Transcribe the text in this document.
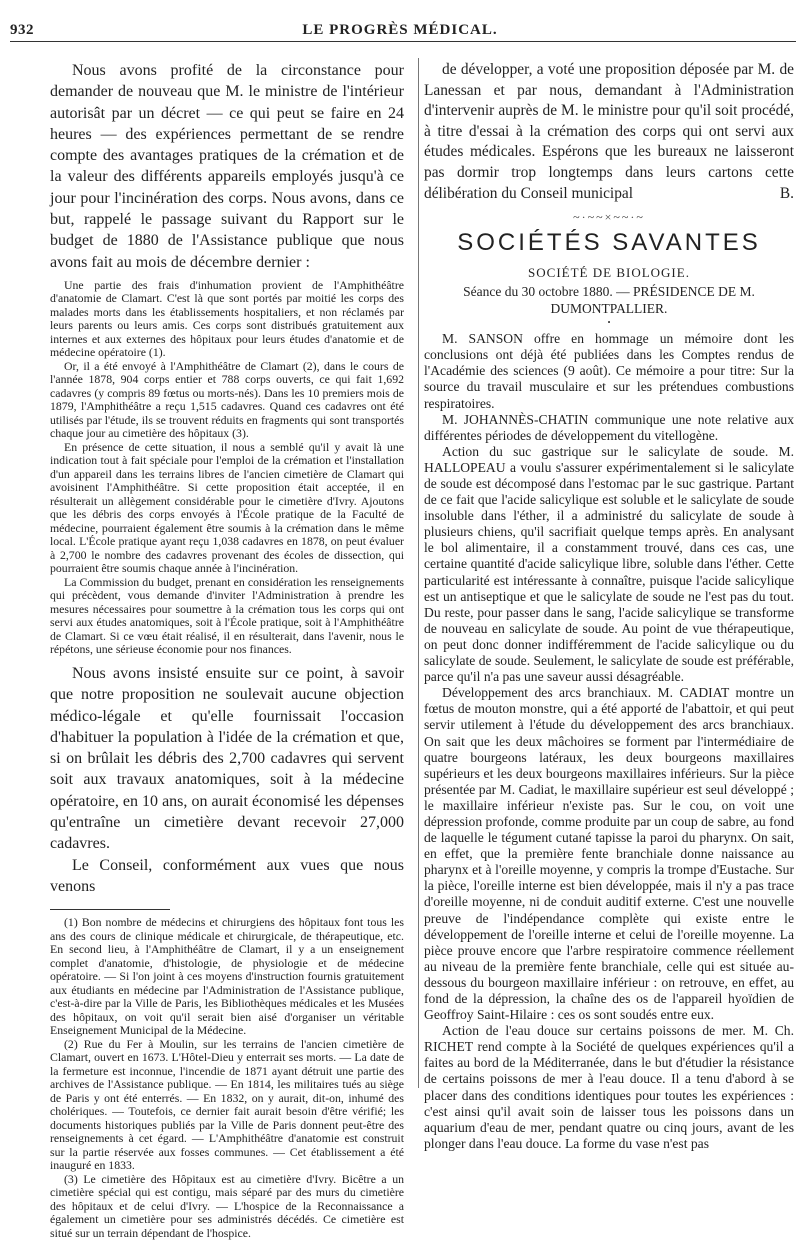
932	LE PROGRÈS MÉDICAL.

Nous avons profité de la circonstance pour demander de nouveau que M. le ministre de l'intérieur autorisât par un décret — ce qui peut se faire en 24 heures — des expériences permettant de se rendre compte des avantages pratiques de la crémation et de la valeur des différents appareils employés jusqu'à ce jour pour l'incinération des corps. Nous avons, dans ce but, rappelé le passage suivant du Rapport sur le budget de 1880 de l'Assistance publique que nous avons fait au mois de décembre dernier :

Une partie des frais d'inhumation provient de l'Amphithéâtre d'anatomie de Clamart. C'est là que sont portés par moitié les corps des malades morts dans les établissements hospitaliers, et non réclamés par leurs parents ou leurs amis. Ces corps sont distribués gratuitement aux internes et aux externes des hôpitaux pour leurs études d'anatomie et de médecine opératoire (1).

Or, il a été envoyé à l'Amphithéâtre de Clamart (2), dans le cours de l'année 1878, 904 corps entier et 788 corps ouverts, ce qui fait 1,692 cadavres (y compris 89 fœtus ou morts-nés). Dans les 10 premiers mois de 1879, l'Amphithéâtre a reçu 1,515 cadavres. Quand ces cadavres ont été utilisés par l'étude, ils se trouvent réduits en fragments qui sont transportés chaque jour au cimetière des hôpitaux (3).

En présence de cette situation, il nous a semblé qu'il y avait là une indication tout à fait spéciale pour l'emploi de la crémation et l'installation d'un appareil dans les terrains libres de l'ancien cimetière de Clamart qui avoisinent l'Amphithéâtre. Si cette proposition était acceptée, il en résulterait un allègement considérable pour le cimetière d'Ivry. Ajoutons que les débris des corps envoyés à l'École pratique de la Faculté de médecine, pourraient également être soumis à la crémation dans le même local. L'École pratique ayant reçu 1,038 cadavres en 1878, on peut évaluer à 2,700 le nombre des cadavres provenant des écoles de dissection, qui pourraient être soumis chaque année à l'incinération.

La Commission du budget, prenant en considération les renseignements qui précèdent, vous demande d'inviter l'Administration à prendre les mesures nécessaires pour soumettre à la crémation tous les corps qui ont servi aux études anatomiques, soit à l'École pratique, soit à l'Amphithéâtre de Clamart. Si ce vœu était réalisé, il en résulterait, dans l'avenir, nous le répétons, une sérieuse économie pour nos finances.

Nous avons insisté ensuite sur ce point, à savoir que notre proposition ne soulevait aucune objection médico-légale et qu'elle fournissait l'occasion d'habituer la population à l'idée de la crémation et que, si on brûlait les débris des 2,700 cadavres qui servent soit aux travaux anatomiques, soit à la médecine opératoire, en 10 ans, on aurait économisé les dépenses qu'entraîne un cimetière devant recevoir 27,000 cadavres.

Le Conseil, conformément aux vues que nous venons

(1) Bon nombre de médecins et chirurgiens des hôpitaux font tous les ans des cours de clinique médicale et chirurgicale, de thérapeutique, etc. En second lieu, à l'Amphithéâtre de Clamart, il y a un enseignement complet d'anatomie, d'histologie, de physiologie et de médecine opératoire. — Si l'on joint à ces moyens d'instruction fournis gratuitement aux étudiants en médecine par l'Administration de l'Assistance publique, c'est-à-dire par la Ville de Paris, les Bibliothèques médicales et les Musées des hôpitaux, on voit qu'il serait bien aisé d'organiser un véritable Enseignement Municipal de la Médecine.

(2) Rue du Fer à Moulin, sur les terrains de l'ancien cimetière de Clamart, ouvert en 1673. L'Hôtel-Dieu y enterrait ses morts. — La date de la fermeture est inconnue, l'incendie de 1871 ayant détruit une partie des archives de l'Assistance publique. — En 1814, les militaires tués au siège de Paris y ont été enterrés. — En 1832, on y aurait, dit-on, inhumé des cholériques. — Toutefois, ce dernier fait aurait besoin d'être vérifié; les documents historiques publiés par la Ville de Paris donnent peut-être des renseignements à cet égard. — L'Amphithéâtre d'anatomie est construit sur la partie réservée aux fosses communes. — Cet établissement a été inauguré en 1833.

(3) Le cimetière des Hôpitaux est au cimetière d'Ivry. Bicêtre a un cimetière spécial qui est contigu, mais séparé par des murs du cimetière des hôpitaux et de celui d'Ivry. — L'hospice de la Reconnaissance a également un cimetière pour ses administrés décédés. Ce cimetière est situé sur un terrain dépendant de l'hospice.

de développer, a voté une proposition déposée par M. de Lanessan et par nous, demandant à l'Administration d'intervenir auprès de M. le ministre pour qu'il soit procédé, à titre d'essai à la crémation des corps qui ont servi aux études médicales. Espérons que les bureaux ne laisseront pas dormir trop longtemps dans leurs cartons cette délibération du Conseil municipal	B.

~·~~×~~·~
SOCIÉTÉS SAVANTES
SOCIÉTÉ DE BIOLOGIE.
Séance du 30 octobre 1880. — PRÉSIDENCE DE M. DUMONTPALLIER.
•

M. SANSON offre en hommage un mémoire dont les conclusions ont déjà été publiées dans les Comptes rendus de l'Académie des sciences (9 août). Ce mémoire a pour titre: Sur la source du travail musculaire et sur les prétendues combustions respiratoires.

M. JOHANNÈS-CHATIN communique une note relative aux différentes périodes de développement du vitellogène.

Action du suc gastrique sur le salicylate de soude. M. HALLOPEAU a voulu s'assurer expérimentalement si le salicylate de soude est décomposé dans l'estomac par le suc gastrique. Partant de ce fait que l'acide salicylique est soluble et le salicylate de soude insoluble dans l'éther, il a administré du salicylate de soude à plusieurs chiens, qu'il sacrifiait quelque temps après. En analysant le bol alimentaire, il a constamment trouvé, dans ces cas, une certaine quantité d'acide salicylique libre, soluble dans l'éther. Cette particularité est intéressante à connaître, puisque l'acide salicylique est un antiseptique et que le salicylate de soude ne l'est pas du tout. Du reste, pour passer dans le sang, l'acide salicylique se transforme de nouveau en salicylate de soude. Au point de vue thérapeutique, on peut donc donner indifféremment de l'acide salicylique ou du salicylate de soude. Seulement, le salicylate de soude est préférable, parce qu'il n'a pas une saveur aussi désagréable.

Développement des arcs branchiaux. M. CADIAT montre un fœtus de mouton monstre, qui a été apporté de l'abattoir, et qui peut servir utilement à l'étude du développement des arcs branchiaux. On sait que les deux mâchoires se forment par l'intermédiaire de quatre bourgeons latéraux, les deux bourgeons maxillaires supérieurs et les deux bourgeons maxillaires inférieurs. Sur la pièce présentée par M. Cadiat, le maxillaire supérieur est seul développé ; le maxillaire inférieur n'existe pas. Sur le cou, on voit une dépression profonde, comme produite par un coup de sabre, au fond de laquelle le tégument cutané tapisse la paroi du pharynx. On sait, en effet, que la première fente branchiale donne naissance au pharynx et à l'oreille moyenne, y compris la trompe d'Eustache. Sur la pièce, l'oreille interne est bien développée, mais il n'y a pas trace d'oreille moyenne, ni de conduit auditif externe. C'est une nouvelle preuve de l'indépendance complète qui existe entre le développement de l'oreille interne et celui de l'oreille moyenne. La pièce prouve encore que l'arbre respiratoire commence réellement au niveau de la première fente branchiale, celle qui est située au-dessous du bourgeon maxillaire inférieur : on retrouve, en effet, au fond de la dépression, la chaîne des os de l'appareil hyoïdien de Geoffroy Saint-Hilaire : ces os sont soudés entre eux.

Action de l'eau douce sur certains poissons de mer. M. Ch. RICHET rend compte à la Société de quelques expériences qu'il a faites au bord de la Méditerranée, dans le but d'étudier la résistance de certains poissons de mer à l'eau douce. Il a tenu d'abord à se placer dans des conditions identiques pour toutes les expériences : c'est ainsi qu'il avait soin de laisser tous les poissons dans un aquarium d'eau de mer, pendant quatre ou cinq jours, avant de les plonger dans l'eau douce. La forme du vase n'est pas
